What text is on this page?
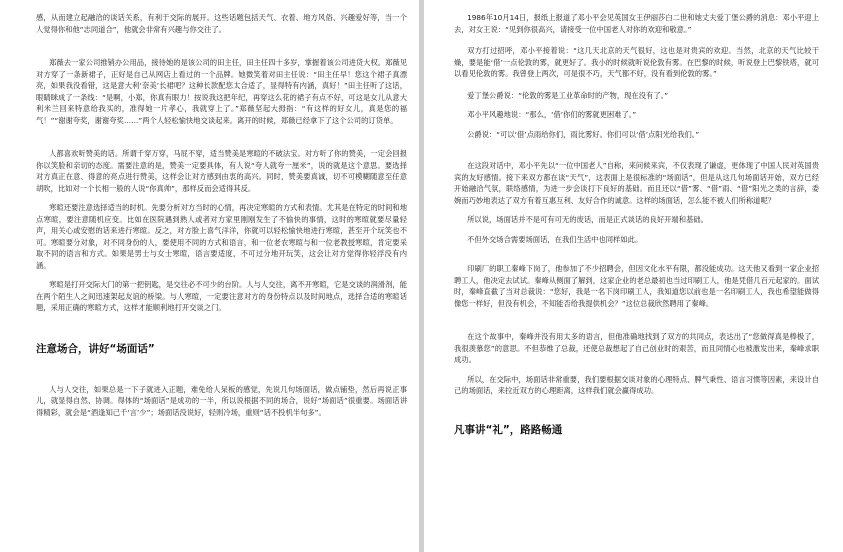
感，从而建立起融洽的谈话关系，有利于交际的展开。这些话题包括天气、衣着、地方风俗、兴趣爱好等，当一个人觉得你和他“志同道合”，他就会非常有兴趣与你交往了。

郑薇去一家公司推销办公用品，接待她的是该公司的田主任，田主任四十多岁，掌握着该公司进货大权。郑薇见对方穿了一条新裙子，正好是自己从网店上看过的一个品牌。她微笑着对田主任说：“田主任早！您这个裙子真漂亮，如果我没看错，这是意大利‘奈美’长裙吧？这种长款配您太合适了，显得特有内涵，真好！”田主任听了这话，眼睛眯成了一条线：“是啊，小郑，你真有眼力！按说我这把年纪，再穿这么花的裙子有点不好，可这是女儿从意大利米兰回来特意给我买的，准得她一片孝心，我就穿上了。”郑薇坚起大拇指：“有这样的好女儿，真是您的福气！”“谢谢夸奖，谢谢夸奖……”两个人轻松愉快地交谈起来。离开的时候，郑薇已经拿下了这个公司的订货单。

人都喜欢听赞美的话。所谓千穿万穿，马屁不穿，适当赞美是寒暄的不破法宝。对方听了你的赞美，一定会回报你以笑脸和亲切的态度。需要注意的是，赞美一定要具体，有人说“夸人就夸一厘米”，说的就是这个意思。要选择对方真正在意、得意的亮点进行赞美，这样会让对方感到由衷的高兴。同时，赞美要真诚，切不可模糊随意至任意胡吹，比如对一个长相一般的人说“你真帅”，那样反而会适得其反。

寒暄还要注意选择适当的时机。先要分析对方当时的心情，再决定寒暄的方式和表情。尤其是在特定的时间和地点寒暄，要注意随机应变。比如在医院遇到熟人或者对方家里刚刚发生了不愉快的事情，这时的寒暄就要尽量轻声，用关心或安慰的话来进行寒暄。反之，对方脸上喜气洋洋，你就可以轻松愉快地进行寒暄，甚至开个玩笑也不可。寒暄要分对象，对不同身份的人，要使用不同的方式和语言，和一位老农寒暄与和一位老教授寒暄，肯定要采取不同的语言和方式。如果是男士与女士寒暄，语言要适度，不可过分地开玩笑，这会让对方觉得你轻浮没有内涵。

寒暄是打开交际大门的第一把钥匙，是交往必不可少的台阶。人与人交往，离不开寒暄，它是交谈的润滑剂，能在两个陌生人之间迅速架起友谊的桥梁。与人寒暄，一定要注意对方的身份特点以及时间地点，选择合适的寒暄话题，采用正确的寒暄方式，这样才能顺利地打开交谈之门。

注意场合，讲好“场面话”

人与人交往，如果总是一下子就进入正题，难免给人呆板的感觉，先说几句场面话，做点铺垫，然后再说正事儿，就显得自然、协调。得体的“场面话”是成功的一半，所以说根据不同的场合，说好“场面话”很重要。场面话讲得精彩，就会是“酒逢知己千‘言’少”；场面话没说好，轻则冷场，重则“话不投机半句多”。

1986年10月14日，报纸上报道了邓小平会见英国女王伊丽莎白二世和她丈夫爱丁堡公爵的消息：邓小平迎上去，对女王说：“见到你很高兴，请接受一位中国老人对你的欢迎和敬意。”

双方打过招呼，邓小平接着说：“这几天北京的天气很好，这也是对贵宾的欢迎。当然，北京的天气比较干燥，要是能‘借’一点伦敦的雾，就更好了。我小的时候就听说伦敦有雾。在巴黎的时候，听说登上巴黎铁塔，就可以看见伦敦的雾。我曾登上两次，可是很不巧，天气都不好，没有看到伦敦的雾。”

爱丁堡公爵说：“伦敦的雾是工业革命时的产物，现在没有了。”

邓小平风趣地说：“那么，‘借’你们的雾就更困难了。”

公爵说：“可以‘借’点雨给你们，雨比雾好。你们可以‘借’点阳光给我们。”

在这段对话中，邓小平先以“一位中国老人”自称，来问候来宾，不仅表现了谦虚，更体现了中国人民对英国贵宾的友好感情。接下来双方都在谈“天气”，这表面上是很标准的“场面话”，但是从这几句场面话开始，双方已经开始融洽气氛，联络感情，为进一步会谈打下良好的基础。而且还以“借”雾、“借”雨、“借”阳光之类的言辞，委婉而巧妙地表达了双方有着互惠互利、友好合作的诚意。这样的场面话，怎么能不被人们所称道呢？

所以说，场面话并不是可有可无的废话，而是正式谈话的良好开端和基础。

不但外交场合需要场面话，在我们生活中也同样如此。

印刷厂的职工秦峰下岗了，他参加了不少招聘会，但因文化水平有限，都没能成功。这天他又看到一家企业招聘工人，他决定去试试。秦峰从侧面了解到，这家企业的老总最初也当过印刷工人，他是凭借几百元起家的。面试时，秦峰直截了当对总裁说：“您好，我是一名下岗印刷工人，我知道您以前也是一名印刷工人，我也希望能做得像您一样好，但没有机会，不知能否给我提供机会？”这位总裁欣然聘用了秦峰。

在这个故事中，秦峰并没有用太多的语言，但他准确地找到了双方的共同点，表达出了“您做得真是棒极了，我很羡慕您”的意思。不但恭维了总裁，还使总裁想起了自己创业时的艰苦，而且同情心也被激发出来，秦峰求职成功。

所以，在交际中，场面话非常重要，我们要根据交谈对象的心理特点、脾气秉性、语言习惯等因素，来设计自己的场面话，来拉近双方的心理距离，这样我们就会赢得成功。

凡事讲“礼”，路路畅通
